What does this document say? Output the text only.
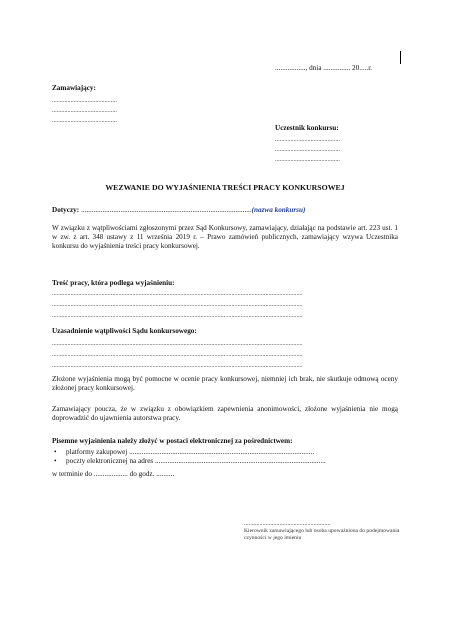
................., dnia ............... 20.....r.
Zamawiający:
..........................................
..........................................
..........................................
Uczestnik konkursu:
..........................................
..........................................
..........................................
WEZWANIE DO WYJAŚNIENIA TREŚCI PRACY KONKURSOWEJ
Dotyczy: ...............................................................................................(nazwa konkursu)
W związku z wątpliwościami zgłoszonymi przez Sąd Konkursowy, zamawiający, działając na podstawie art. 223 ust. 1 w zw. z art. 348 ustawy z 11 września 2019 r. – Prawo zamówień publicznych, zamawiający wzywa Uczestnika konkursu do wyjaśnienia treści pracy konkursowej.
Treść pracy, która podlega wyjaśnieniu:
..................................................................................................................................................................
..................................................................................................................................................................
..................................................................................................................................................................
Uzasadnienie wątpliwości Sądu konkursowego:
..................................................................................................................................................................
..................................................................................................................................................................
..................................................................................................................................................................
Złożone wyjaśnienia mogą być pomocne w ocenie pracy konkursowej, niemniej ich brak, nie skutkuje odmową oceny złożonej pracy konkursowej.
Zamawiający poucza, że w związku z obowiązkiem zapewnienia anonimowości, złożone wyjaśnienia nie mogą doprowadzić do ujawnienia autorstwa pracy.
Pisemne wyjaśnienia należy złożyć w postaci elektronicznej za pośrednictwem:
• platformy zakupowej .......................................................................................................
• poczty elektronicznej na adres ...............................................................................................
w terminie do ................... do godz. ..........
........................................................
Kierownik zamawiającego lub osoba upoważniona do podejmowania czynności w jego imieniu
